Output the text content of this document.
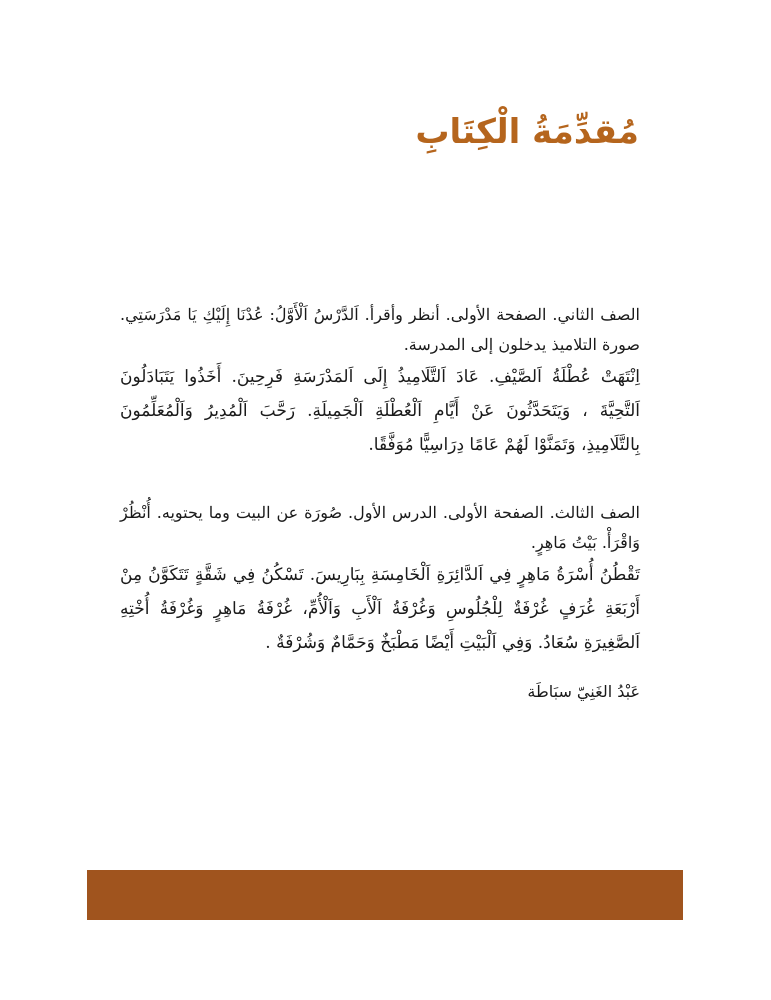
مُقدِّمَةُ الْكِتَابِ

الصف الثاني. الصفحة الأولى. أنظر وأقرأ. اَلدَّرْسُ اَلْأَوَّلُ: عُدْنَا إِلَيْكِ يَا مَدْرَسَتِي. صورة التلاميذ يدخلون إلى المدرسة.

اِنْتَهَتْ عُطْلَةُ اَلصَّيْفِ. عَادَ اَلتَّلَامِيذُ إِلَى اَلمَدْرَسَةِ فَرِحِينَ. أَخَذُوا يَتَبَادَلُونَ اَلتَّحِيَّةَ ، وَيَتَحَدَّثُونَ عَنْ أَيَّامِ اَلْعُطْلَةِ اَلْجَمِيلَةِ. رَحَّبَ اَلْمُدِيرُ وَاَلْمُعَلِّمُونَ بِالتَّلَامِيذِ، وَتَمَنَّوْا لَهُمْ عَامًا دِرَاسِيًّا مُوَفَّقًا.

الصف الثالث. الصفحة الأولى. الدرس الأول. صُورَة عن البيت وما يحتويه. أُنْظُرْ وَاقْرَأْ. بَيْتُ مَاهِرٍ.

تَقْطُنُ أُسْرَةُ مَاهِرٍ فِي اَلدَّائِرَةِ اَلْخَامِسَةِ بِبَارِيسَ. تَسْكُنُ فِي شَقَّةٍ تَتَكَوَّنُ مِنْ أَرْبَعَةِ غُرَفٍ غُرْفَةٌ لِلْجُلُوسِ وَغُرْفَةُ اَلْأَبِ وَاَلْأُمِّ، غُرْفَةُ مَاهِرٍ وَغُرْفَةُ أُخْتِهِ اَلصَّغِيرَةِ سُعَادُ. وَفِي اَلْبَيْتِ أَيْضًا مَطْبَخٌ وَحَمَّامٌ وَشُرْفَةٌ .

عَبْدُ الغَنِيّ سبَاطَة
